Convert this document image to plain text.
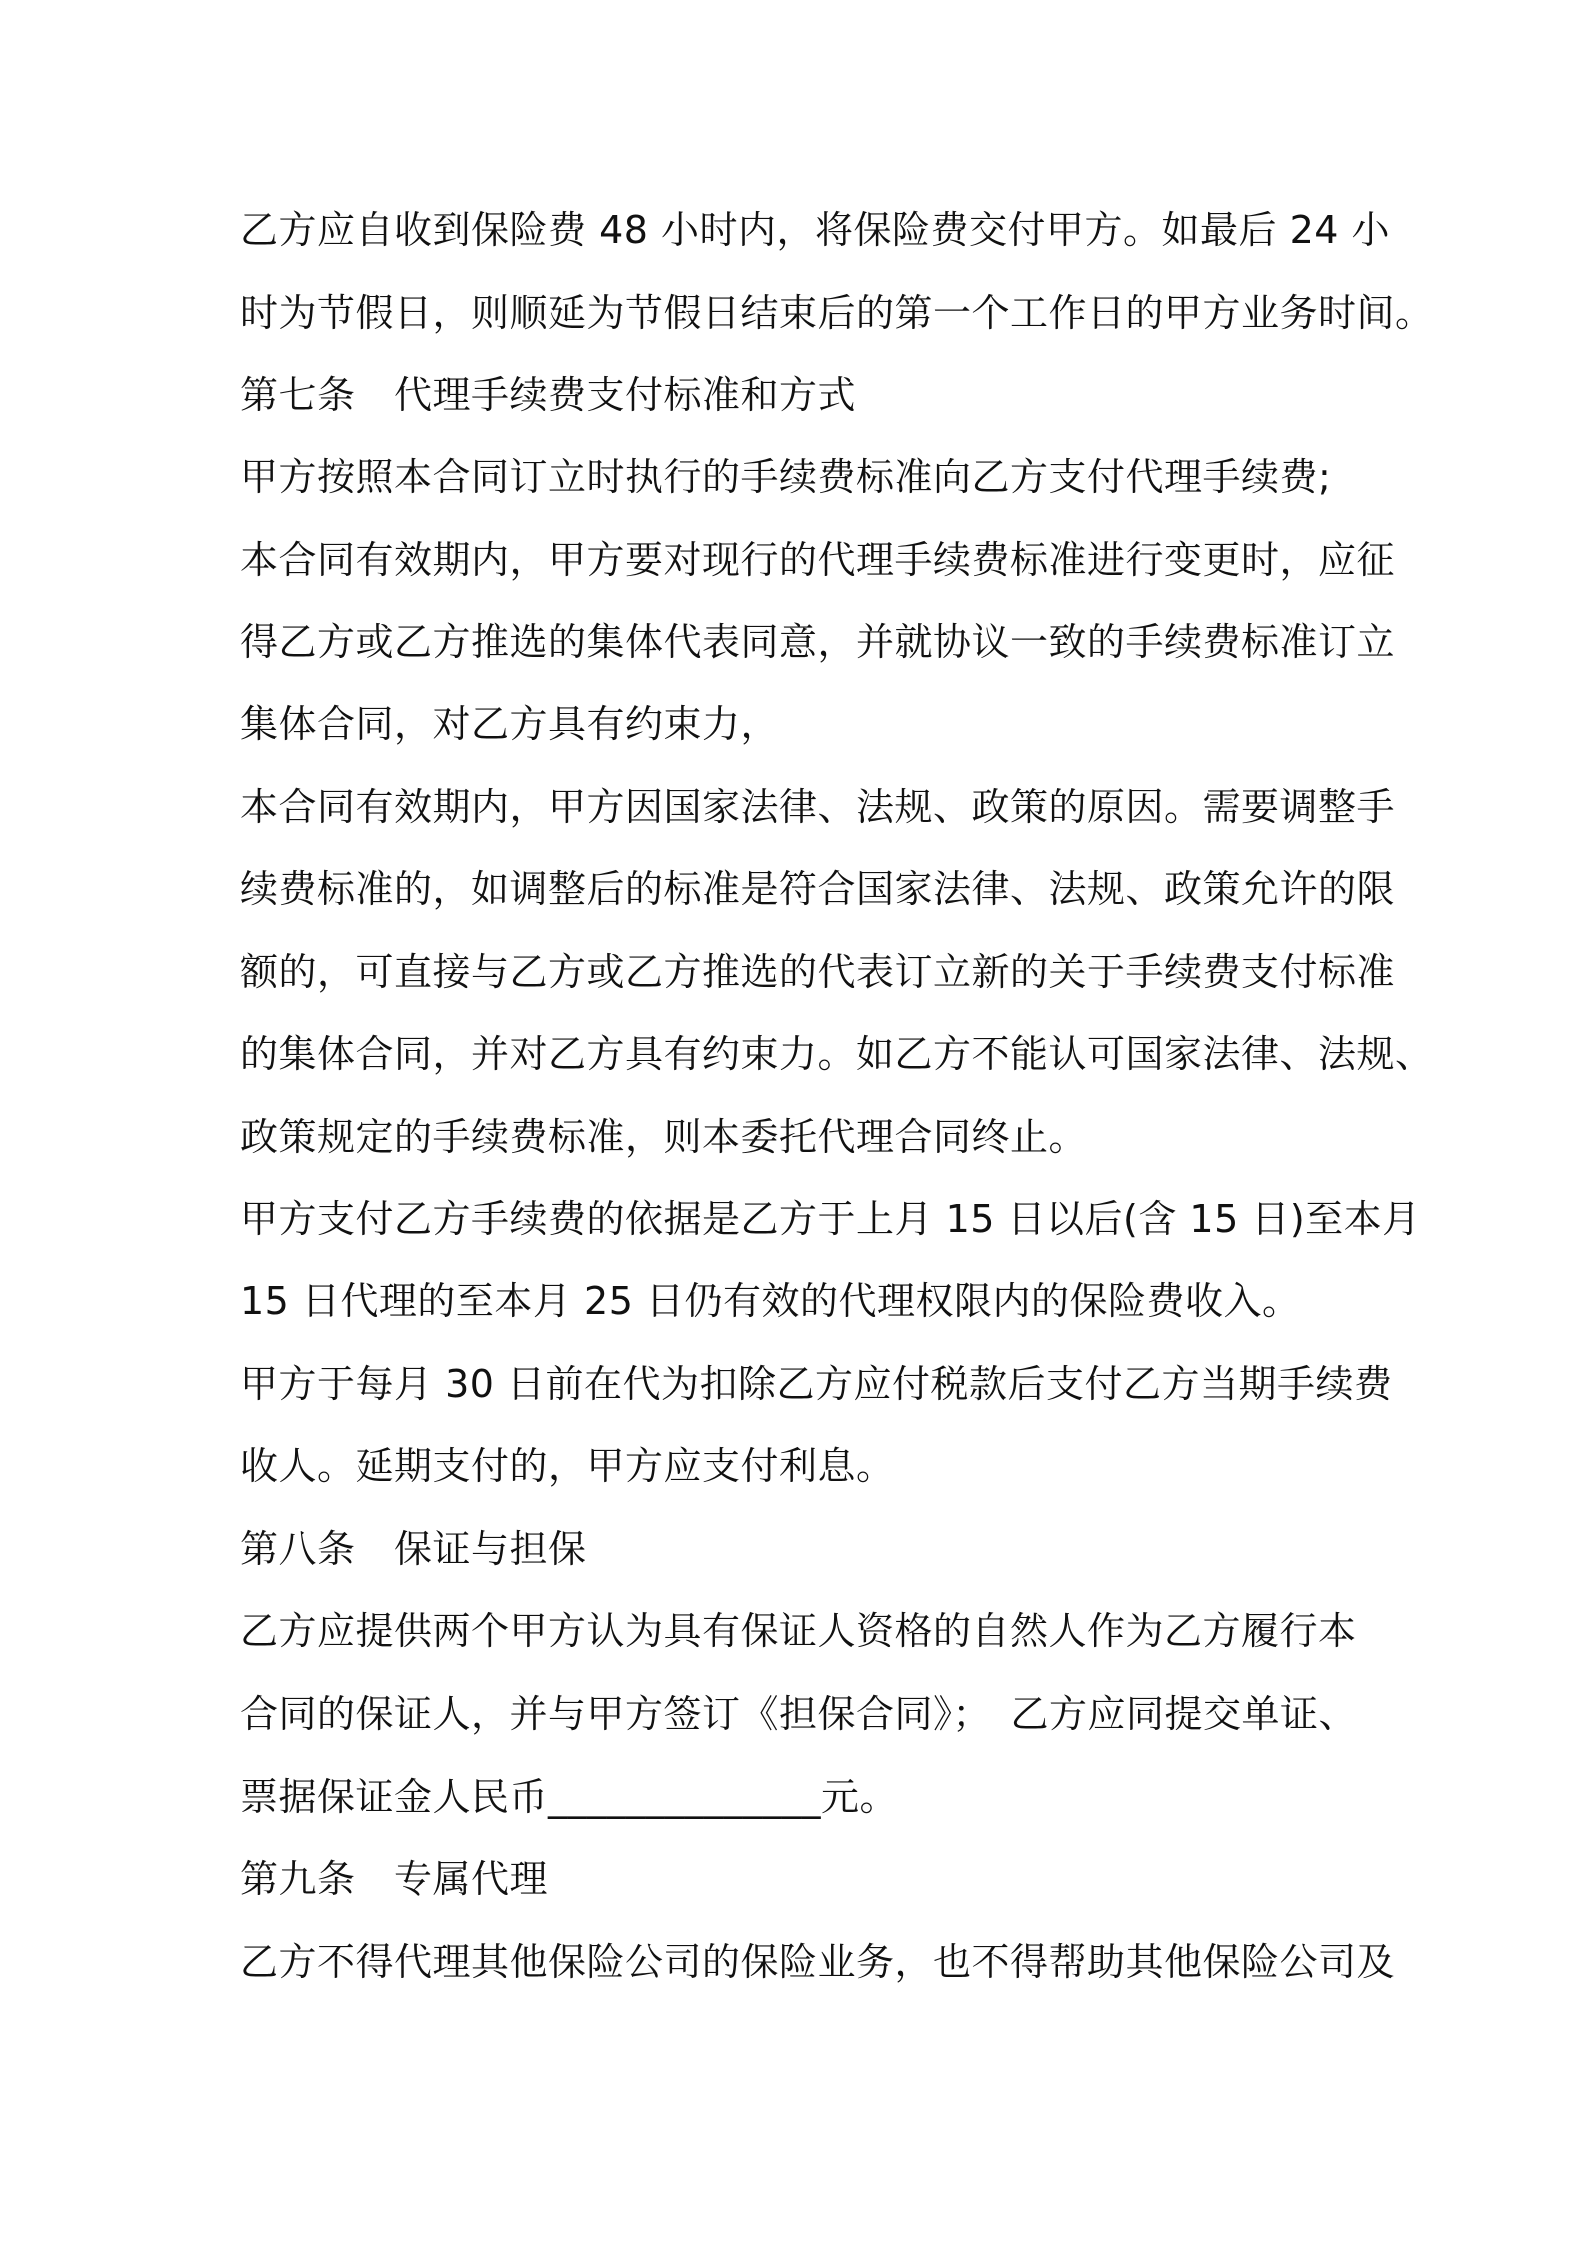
乙方应自收到保险费 48 小时内，将保险费交付甲方。如最后 24 小
时为节假日，则顺延为节假日结束后的第一个工作日的甲方业务时间。
第七条　代理手续费支付标准和方式
甲方按照本合同订立时执行的手续费标准向乙方支付代理手续费;
本合同有效期内，甲方要对现行的代理手续费标准进行变更时，应征
得乙方或乙方推选的集体代表同意，并就协议一致的手续费标准订立
集体合同，对乙方具有约束力，
本合同有效期内，甲方因国家法律、法规、政策的原因。需要调整手
续费标准的，如调整后的标准是符合国家法律、法规、政策允许的限
额的，可直接与乙方或乙方推选的代表订立新的关于手续费支付标准
的集体合同，并对乙方具有约束力。如乙方不能认可国家法律、法规、
政策规定的手续费标准，则本委托代理合同终止。
甲方支付乙方手续费的依据是乙方于上月 15 日以后(含 15 日)至本月
15 日代理的至本月 25 日仍有效的代理权限内的保险费收入。
甲方于每月 30 日前在代为扣除乙方应付税款后支付乙方当期手续费
收人。延期支付的，甲方应支付利息。
第八条　保证与担保
乙方应提供两个甲方认为具有保证人资格的自然人作为乙方履行本
合同的保证人，并与甲方签订《担保合同》；　乙方应同提交单证、
票据保证金人民币______________元。
第九条　专属代理
乙方不得代理其他保险公司的保险业务，也不得帮助其他保险公司及
